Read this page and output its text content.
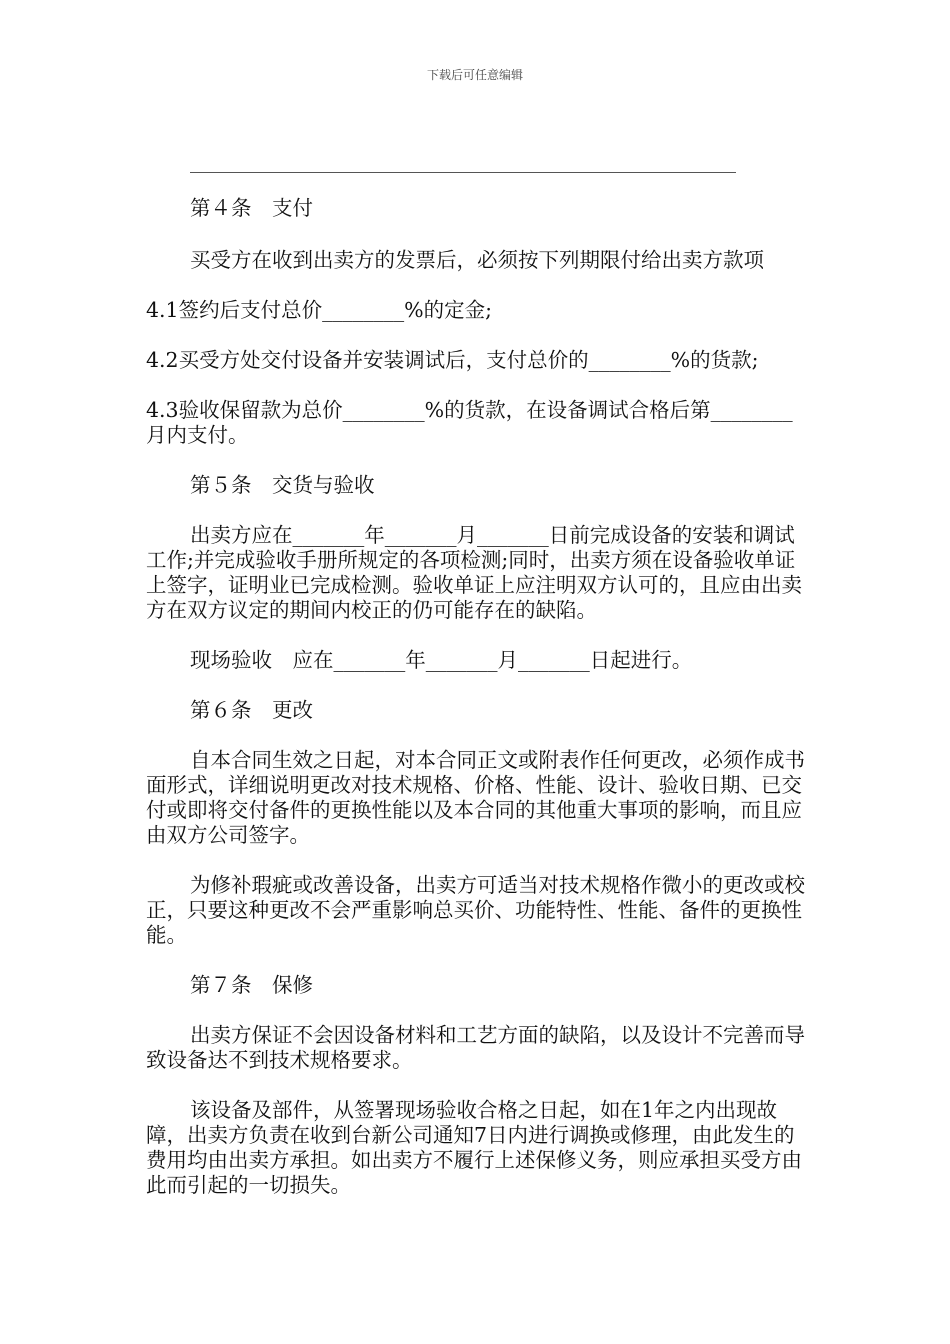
下载后可任意编辑

第４条　支付

买受方在收到出卖方的发票后，必须按下列期限付给出卖方款项

4.1签约后支付总价________%的定金;

4.2买受方处交付设备并安装调试后，支付总价的________%的货款;

4.3验收保留款为总价________%的货款，在设备调试合格后第________月内支付。

第５条　交货与验收

出卖方应在_______年_______月_______日前完成设备的安装和调试工作;并完成验收手册所规定的各项检测;同时，出卖方须在设备验收单证上签字，证明业已完成检测。验收单证上应注明双方认可的，且应由出卖方在双方议定的期间内校正的仍可能存在的缺陷。

现场验收　应在_______年_______月_______日起进行。

第６条　更改

自本合同生效之日起，对本合同正文或附表作任何更改，必须作成书面形式，详细说明更改对技术规格、价格、性能、设计、验收日期、已交付或即将交付备件的更换性能以及本合同的其他重大事项的影响，而且应由双方公司签字。

为修补瑕疵或改善设备，出卖方可适当对技术规格作微小的更改或校正，只要这种更改不会严重影响总买价、功能特性、性能、备件的更换性能。

第７条　保修

出卖方保证不会因设备材料和工艺方面的缺陷，以及设计不完善而导致设备达不到技术规格要求。

该设备及部件，从签署现场验收合格之日起，如在1年之内出现故障，出卖方负责在收到台新公司通知7日内进行调换或修理，由此发生的费用均由出卖方承担。如出卖方不履行上述保修义务，则应承担买受方由此而引起的一切损失。
